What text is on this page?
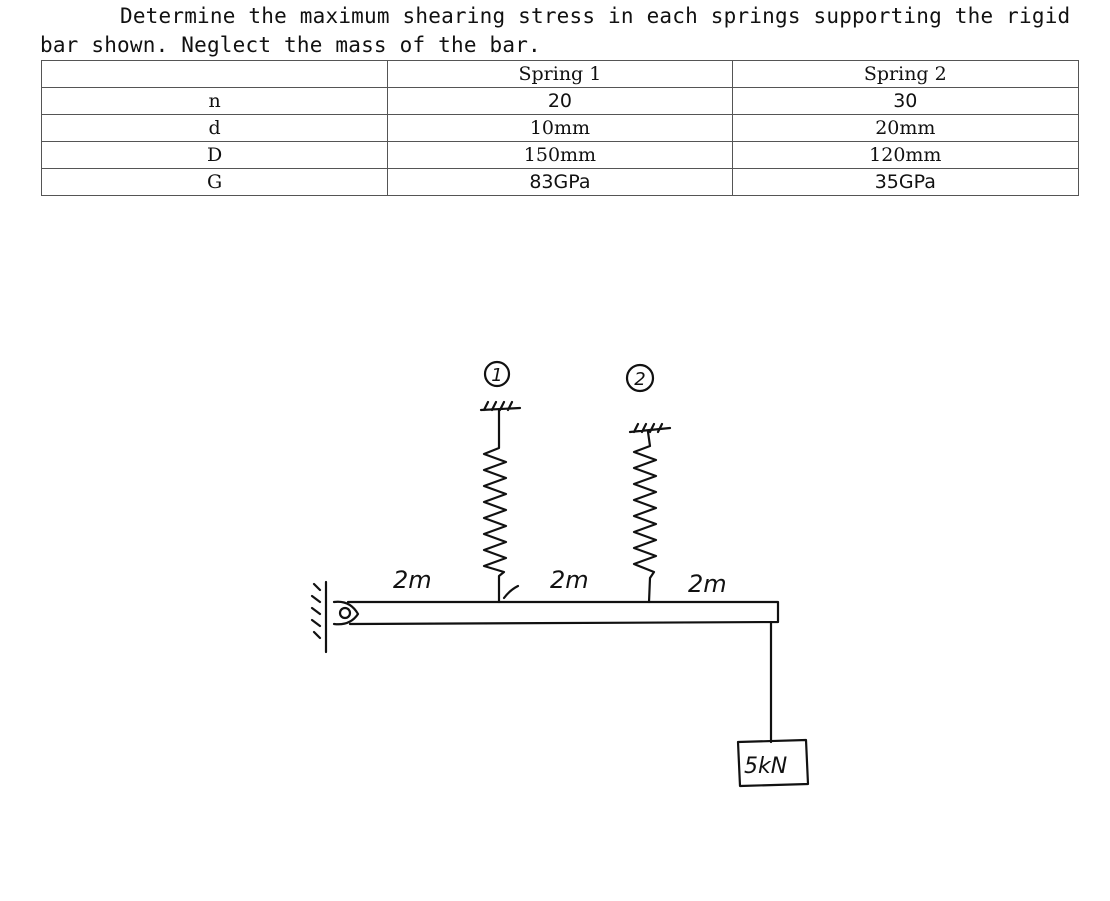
Determine the maximum shearing stress in each springs supporting the rigid
bar shown. Neglect the mass of the bar.
	Spring 1	Spring 2
n	20	30
d	10mm	20mm
D	150mm	120mm
G	83GPa	35GPa
1	2
2m	2m	2m
5kN
